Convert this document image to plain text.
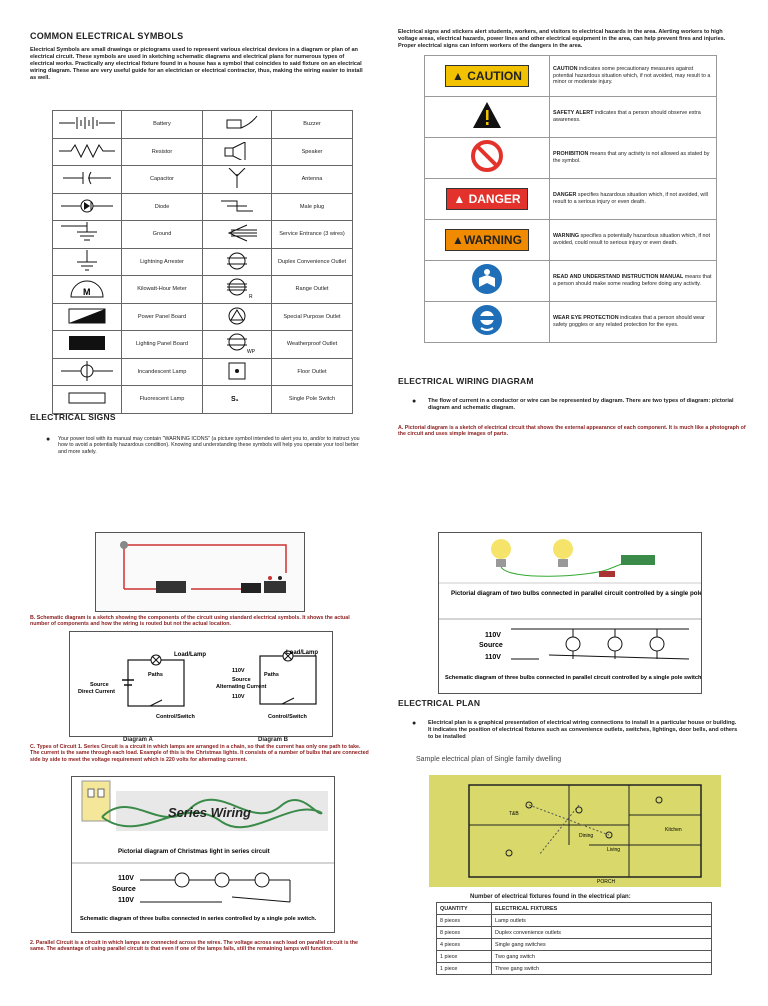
COMMON ELECTRICAL SYMBOLS
Electrical Symbols are small drawings or pictograms used to represent various electrical devices in a diagram or plan of an electrical circuit. These symbols are used in sketching schematic diagrams and electrical plans for numerous types of electrical works. Practically any electrical fixture found in a house has a symbol that coincides to said fixture on an electrical wiring diagram. These are very useful guide for an electrician or electrical contractor, thus, making the wiring easier to install as well.
	Battery		Buzzer
	Resistor		Speaker
	Capacitor		Antenna
	Diode		Male plug
	Ground		Service Entrance (3 wires)
	Lightning Arrester		Duplex Convenience Outlet

M	Kilowatt-Hour Meter	R	Range Outlet
	Power Panel Board		Special Purpose Outlet
	Lighting Panel Board	WP	Weatherproof Outlet
	Incandescent Lamp		Floor Outlet
	Fluorescent Lamp	S₁	Single Pole Switch
ELECTRICAL SIGNS
● Your power tool with its manual may contain "WARNING ICONS" (a picture symbol intended to alert you to, and/or to instruct you how to avoid a potentially hazardous condition). Knowing and understanding these symbols will help you operate your tool better and more safely.
B. Schematic diagram is a sketch showing the components of the circuit using standard electrical symbols. It shows the actual number of components and how the wiring is routed but not the actual location.
Load/Lamp
Paths
Source
Direct Current
Control/Switch
Load/Lamp
110V
Paths
Source
Alternating Current
110V
Control/Switch
Diagram A	Diagram B
C. Types of Circuit 1. Series Circuit is a circuit in which lamps are arranged in a chain, so that the current has only one path to take. The current is the same through each load. Example of this is the Christmas lights. It consists of a number of bulbs that are connected side by side to meet the voltage requirement which is 220 volts for alternating current.
Series Wiring
Pictorial diagram of Christmas light in series circuit
110V
Source
110V
Schematic diagram of three bulbs connected in series controlled by a single pole switch.
2. Parallel Circuit is a circuit in which lamps are connected across the wires. The voltage across each load on parallel circuit is the same. The advantage of using parallel circuit is that even if one of the lamps fails, still the remaining lamps will function.
Electrical signs and stickers alert students, workers, and visitors to electrical hazards in the area. Alerting workers to high voltage areas, electrical hazards, power lines and other electrical equipment in the area, can help prevent fires and injuries. Proper electrical signs can inform workers of the dangers in the area.
▲ CAUTION	CAUTION indicates some precautionary measures against potential hazardous situation which, if not avoided, may result to a minor or moderate injury.
	SAFETY ALERT indicates that a person should observe extra awareness.
	PROHIBITION means that any activity is not allowed as stated by the symbol.
▲ DANGER	DANGER specifies hazardous situation which, if not avoided, will result to a serious injury or even death.
▲WARNING	WARNING specifies a potentially hazardous situation which, if not avoided, could result to serious injury or even death.
	READ AND UNDERSTAND INSTRUCTION MANUAL means that a person should make some reading before doing any activity.
	WEAR EYE PROTECTION indicates that a person should wear safety goggles or any related protection for the eyes.
ELECTRICAL WIRING DIAGRAM
● The flow of current in a conductor or wire can be represented by diagram. There are two types of diagram: pictorial diagram and schematic diagram.
A. Pictorial diagram is a sketch of electrical circuit that shows the external appearance of each component. It is much like a photograph of the circuit and uses simple images of parts.
Pictorial diagram of two bulbs connected in parallel circuit controlled by a single pole switch.
110V
Source
110V
Schematic diagram of three bulbs connected in parallel circuit controlled by a single pole switch.
ELECTRICAL PLAN
● Electrical plan is a graphical presentation of electrical wiring connections to install in a particular house or building. It indicates the position of electrical fixtures such as convenience outlets, switches, lightings, door bells, and others to be installed
Sample electrical plan of Single family dwelling
Dining
Living
Kitchen
T&B
PORCH
Number of electrical fixtures found in the electrical plan:
QUANTITY	ELECTRICAL FIXTURES
8 pieces	Lamp outlets
8 pieces	Duplex convenience outlets
4 pieces	Single gang switches
1 piece	Two gang switch
1 piece	Three gang switch
